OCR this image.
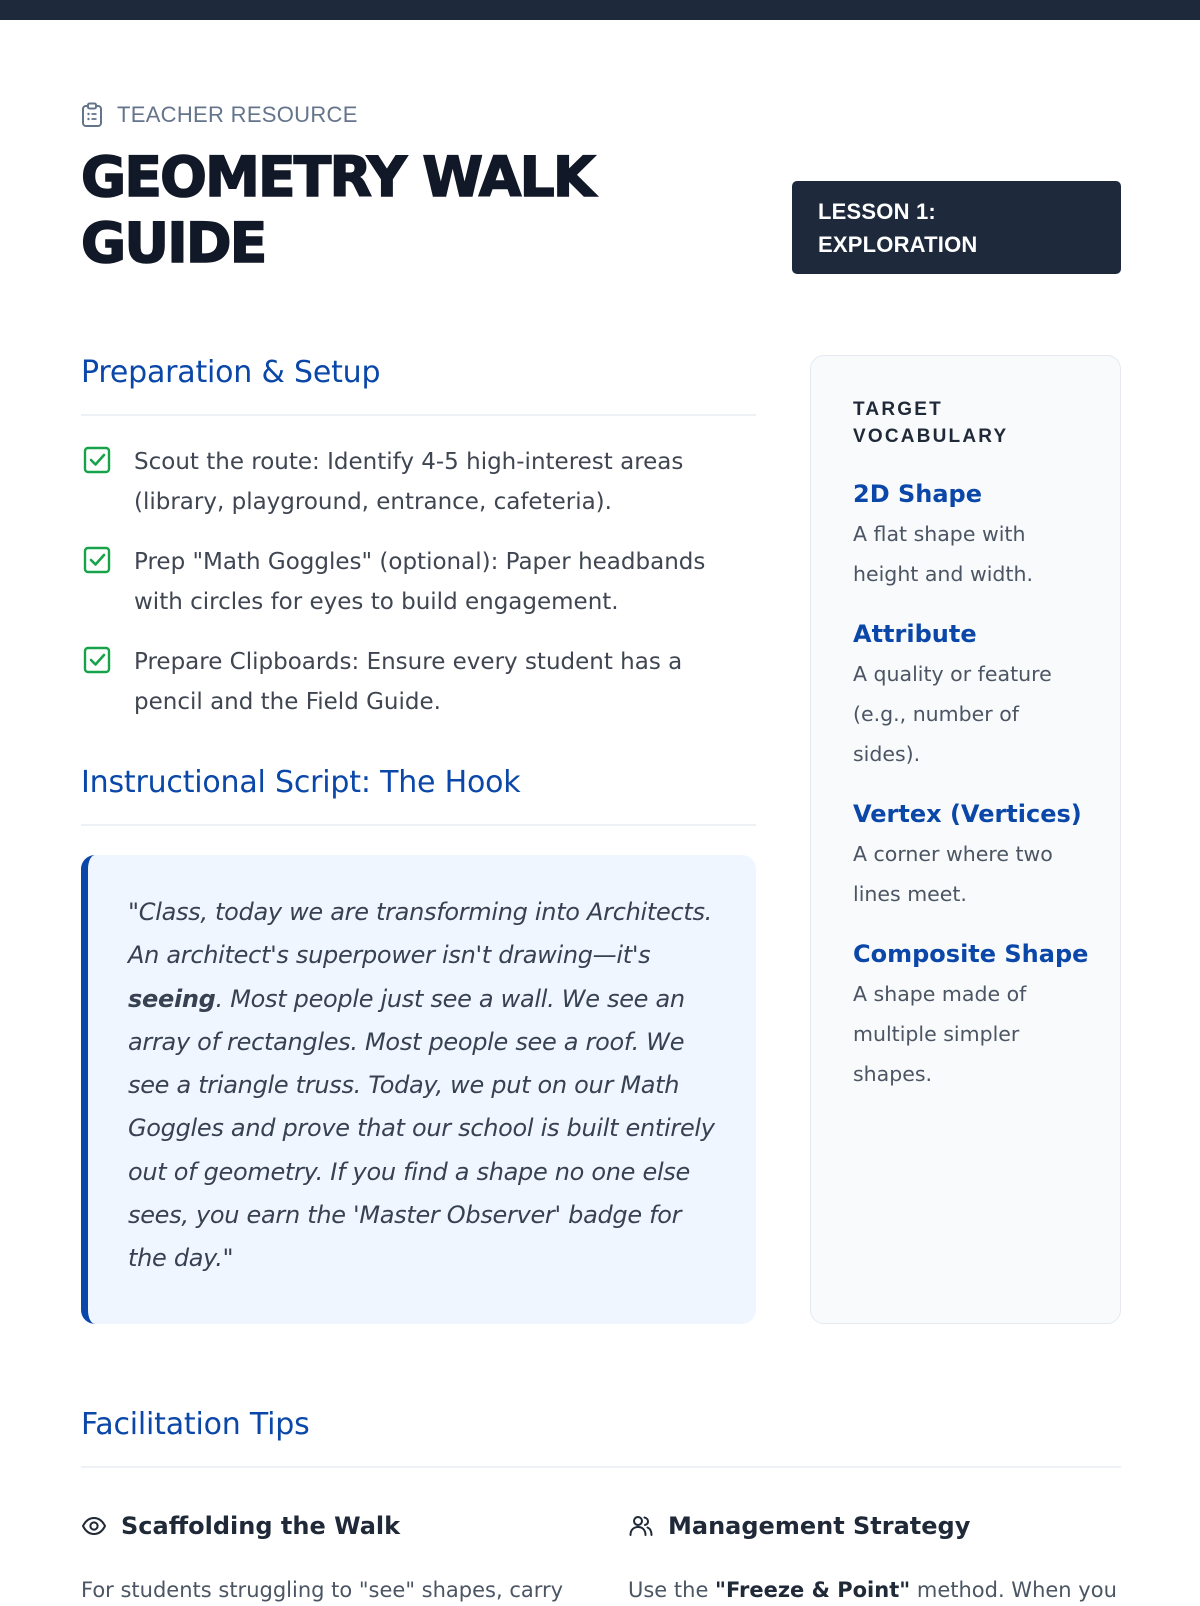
TEACHER RESOURCE
GEOMETRY WALK
GUIDE	LESSON 1:
EXPLORATION
Preparation & Setup
Scout the route: Identify 4-5 high-interest areas (library, playground, entrance, cafeteria).
Prep "Math Goggles" (optional): Paper headbands with circles for eyes to build engagement.
Prepare Clipboards: Ensure every student has a pencil and the Field Guide.
Instructional Script: The Hook
"Class, today we are transforming into Architects. An architect's superpower isn't drawing—it's seeing. Most people just see a wall. We see an array of rectangles. Most people see a roof. We see a triangle truss. Today, we put on our Math Goggles and prove that our school is built entirely out of geometry. If you find a shape no one else sees, you earn the 'Master Observer' badge for the day."
TARGET VOCABULARY
2D Shape
A flat shape with height and width.
Attribute
A quality or feature (e.g., number of sides).
Vertex (Vertices)
A corner where two lines meet.
Composite Shape
A shape made of multiple simpler shapes.
Facilitation Tips
Scaffolding the Walk
For students struggling to "see" shapes, carry
Management Strategy
Use the "Freeze & Point" method. When you
